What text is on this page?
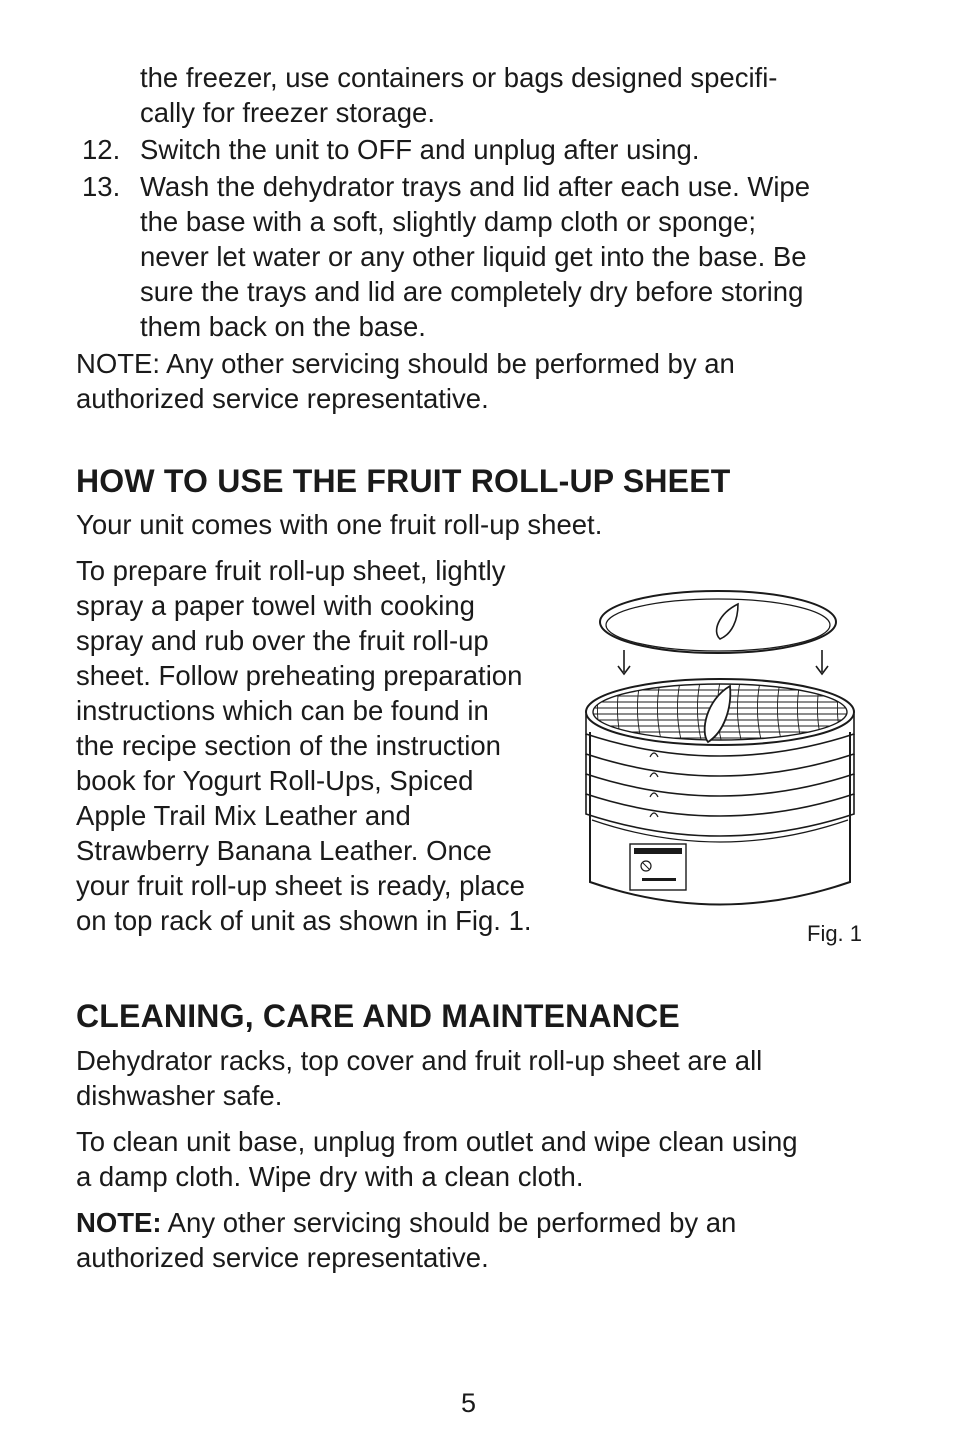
the freezer, use containers or bags designed specifi-
cally for freezer storage.

12. Switch the unit to OFF and unplug after using.

13. Wash the dehydrator trays and lid after each use. Wipe
the base with a soft, slightly damp cloth or sponge;
never let water or any other liquid get into the base. Be
sure the trays and lid are completely dry before storing
them back on the base.

NOTE: Any other servicing should be performed by an
authorized service representative.

HOW TO USE THE FRUIT ROLL-UP SHEET

Your unit comes with one fruit roll-up sheet.

To prepare fruit roll-up sheet, lightly
spray a paper towel with cooking
spray and rub over the fruit roll-up
sheet. Follow preheating preparation
instructions which can be found in
the recipe section of the instruction
book for Yogurt Roll-Ups, Spiced
Apple Trail Mix Leather and
Strawberry Banana Leather. Once
your fruit roll-up sheet is ready, place
on top rack of unit as shown in Fig. 1.	Fig. 1
CLEANING, CARE AND MAINTENANCE

Dehydrator racks, top cover and fruit roll-up sheet are all
dishwasher safe.

To clean unit base, unplug from outlet and wipe clean using
a damp cloth. Wipe dry with a clean cloth.

NOTE: Any other servicing should be performed by an
authorized service representative.

5
